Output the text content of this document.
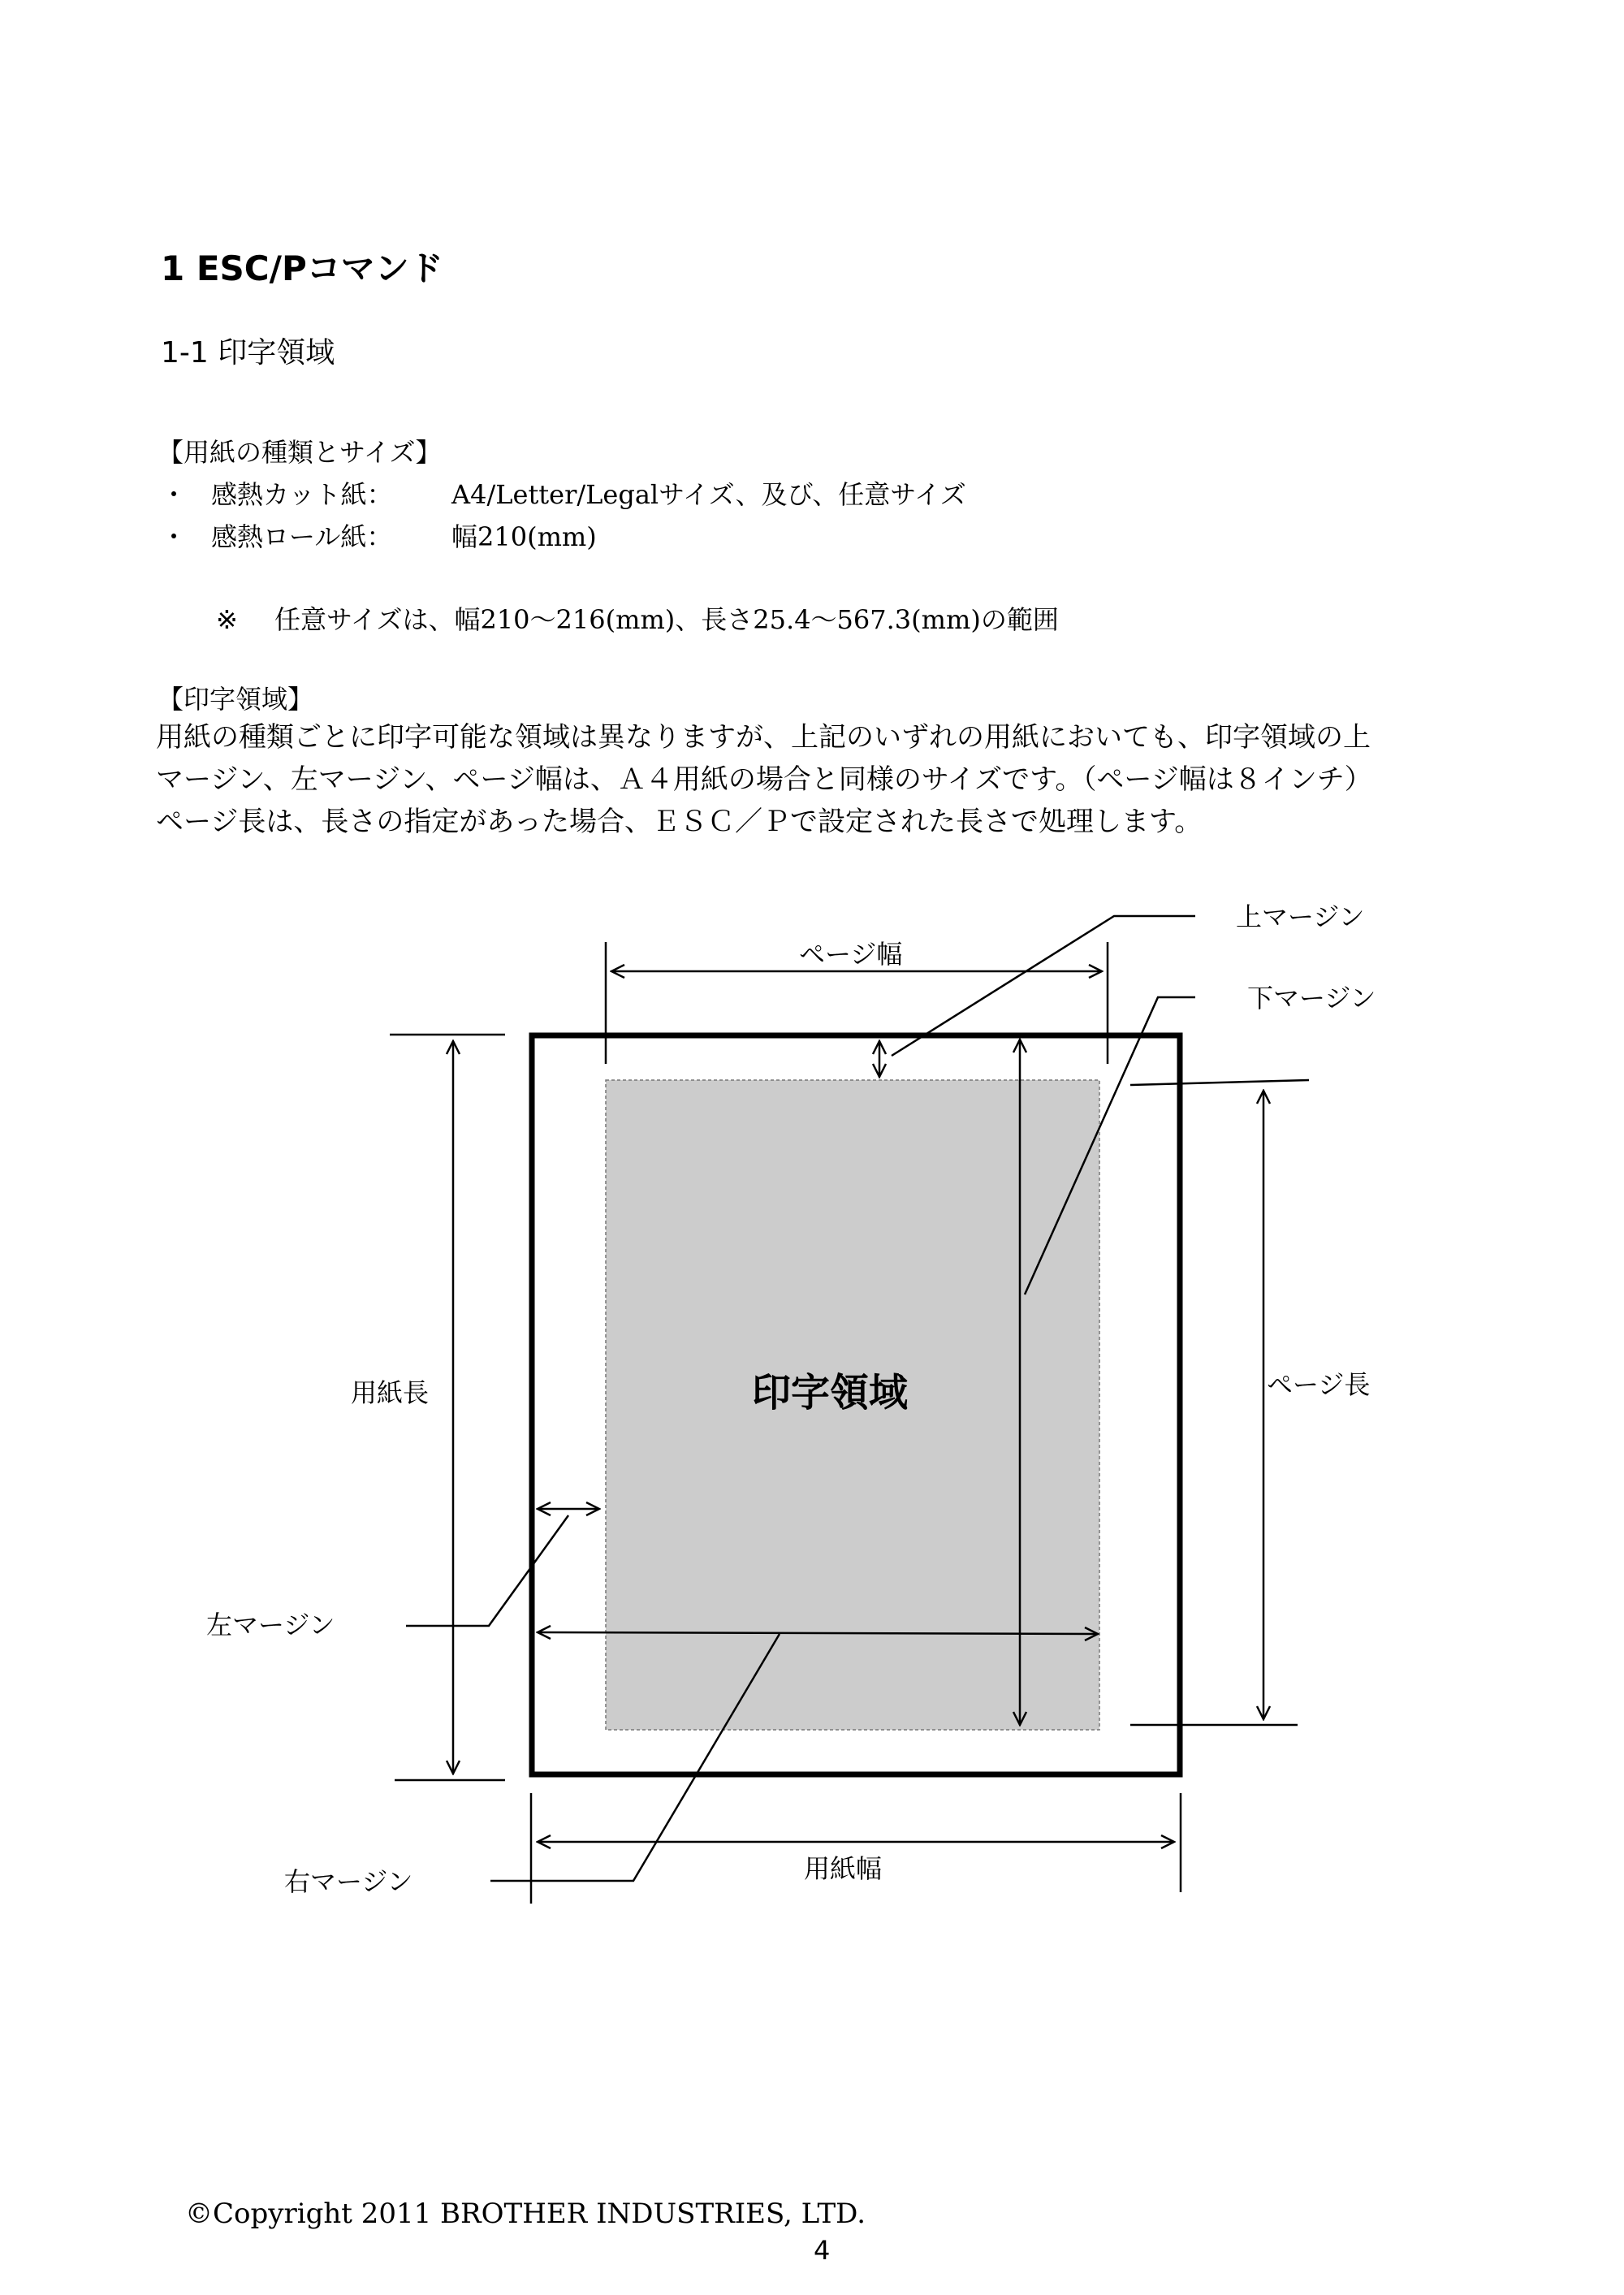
1 ESC/Pコマンド
1-1 印字領域
【用紙の種類とサイズ】
・ 感熱カット紙： A4/Letter/Legalサイズ、及び、任意サイズ
・ 感熱ロール紙： 幅210(mm)
※ 任意サイズは、幅210～216(mm)、長さ25.4～567.3(mm)の範囲
【印字領域】
用紙の種類ごとに印字可能な領域は異なりますが、上記のいずれの用紙においても、印字領域の上
マージン、左マージン、ページ幅は、Ａ４用紙の場合と同様のサイズです。（ページ幅は８インチ）
ページ長は、長さの指定があった場合、ＥＳＣ／Ｐで設定された長さで処理します。
ページ幅
上マージン
下マージン
用紙長	ページ長
左マージン
右マージン	用紙幅
印字領域
©Copyright 2011 BROTHER INDUSTRIES, LTD.
4
